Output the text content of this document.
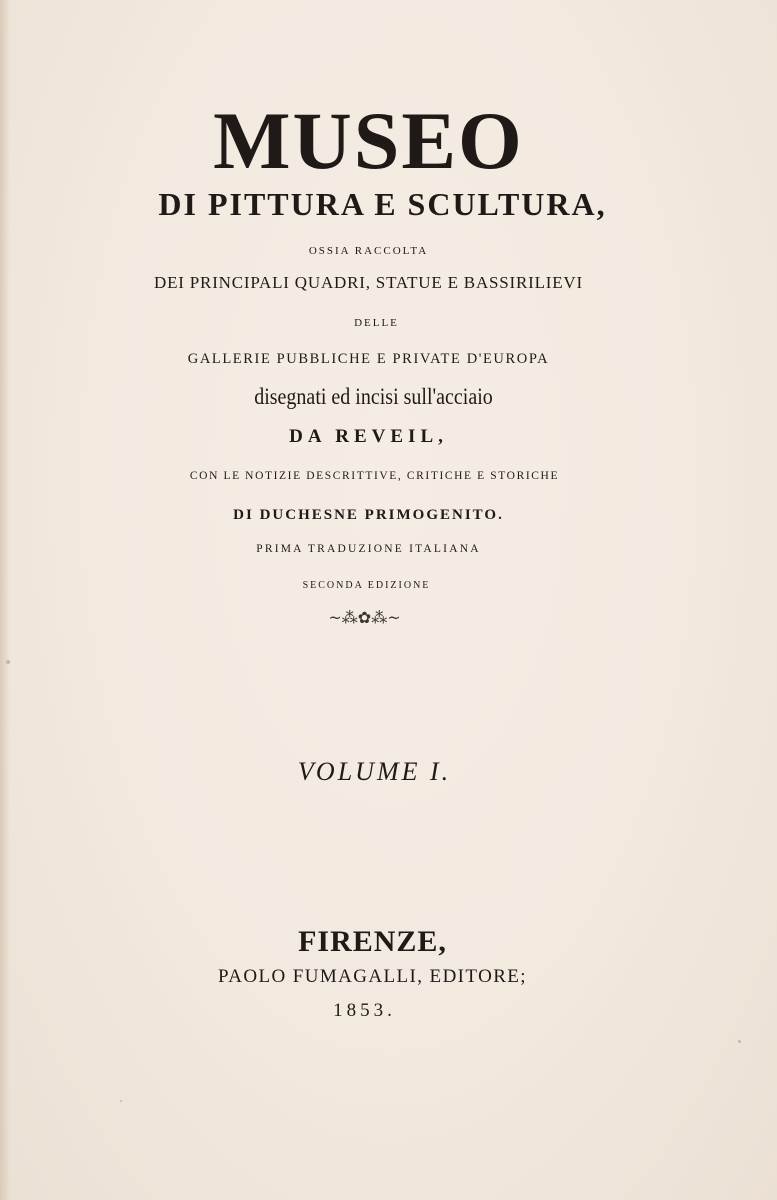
MUSEO
DI PITTURA E SCULTURA,
OSSIA RACCOLTA
DEI PRINCIPALI QUADRI, STATUE E BASSIRILIEVI
DELLE
GALLERIE PUBBLICHE E PRIVATE D'EUROPA
disegnati ed incisi sull'acciaio
DA REVEIL,
CON LE NOTIZIE DESCRITTIVE, CRITICHE E STORICHE
DI DUCHESNE PRIMOGENITO.
PRIMA TRADUZIONE ITALIANA
SECONDA EDIZIONE
~⁂✿⁂~
VOLUME I.
FIRENZE,
PAOLO FUMAGALLI, EDITORE;
1853.
